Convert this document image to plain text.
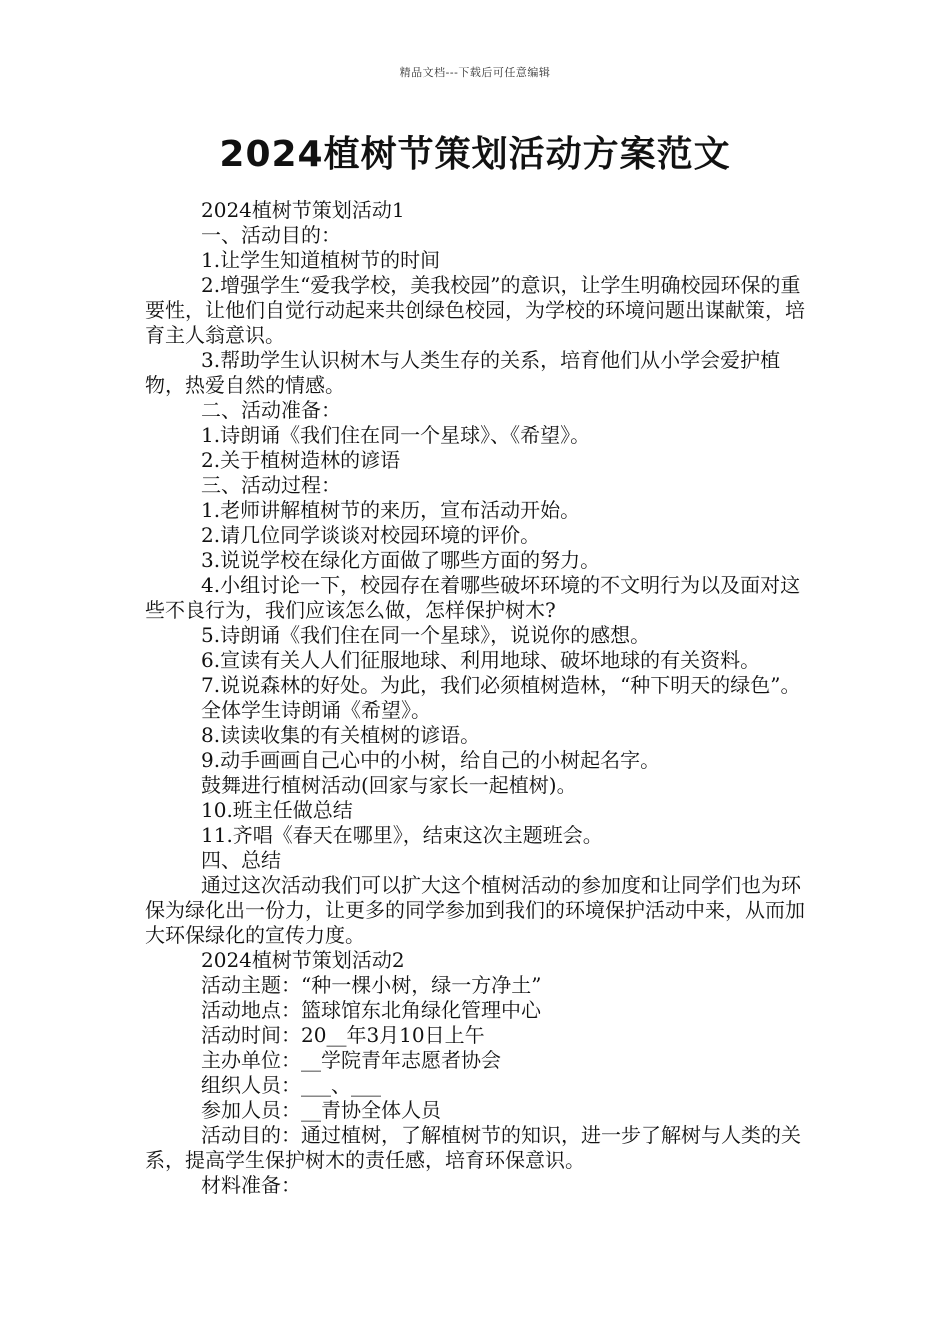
精品文档---下载后可任意编辑
2024植树节策划活动方案范文

2024植树节策划活动1

一、活动目的：

1.让学生知道植树节的时间

2.增强学生“爱我学校，美我校园”的意识，让学生明确校园环保的重要性，让他们自觉行动起来共创绿色校园，为学校的环境问题出谋献策，培育主人翁意识。

3.帮助学生认识树木与人类生存的关系，培育他们从小学会爱护植物，热爱自然的情感。

二、活动准备：

1.诗朗诵《我们住在同一个星球》、《希望》。

2.关于植树造林的谚语

三、活动过程：

1.老师讲解植树节的来历，宣布活动开始。

2.请几位同学谈谈对校园环境的评价。

3.说说学校在绿化方面做了哪些方面的努力。

4.小组讨论一下，校园存在着哪些破坏环境的不文明行为以及面对这些不良行为，我们应该怎么做，怎样保护树木?

5.诗朗诵《我们住在同一个星球》，说说你的感想。

6.宣读有关人人们征服地球、利用地球、破坏地球的有关资料。

7.说说森林的好处。为此，我们必须植树造林，“种下明天的绿色”。

全体学生诗朗诵《希望》。

8.读读收集的有关植树的谚语。

9.动手画画自己心中的小树，给自己的小树起名字。

鼓舞进行植树活动(回家与家长一起植树)。

10.班主任做总结

11.齐唱《春天在哪里》，结束这次主题班会。

四、总结

通过这次活动我们可以扩大这个植树活动的参加度和让同学们也为环保为绿化出一份力，让更多的同学参加到我们的环境保护活动中来，从而加大环保绿化的宣传力度。

2024植树节策划活动2

活动主题：“种一棵小树，绿一方净土”

活动地点：篮球馆东北角绿化管理中心

活动时间：20__年3月10日上午

主办单位：__学院青年志愿者协会

组织人员：___、___

参加人员：__青协全体人员

活动目的：通过植树，了解植树节的知识，进一步了解树与人类的关系，提高学生保护树木的责任感，培育环保意识。

材料准备：
